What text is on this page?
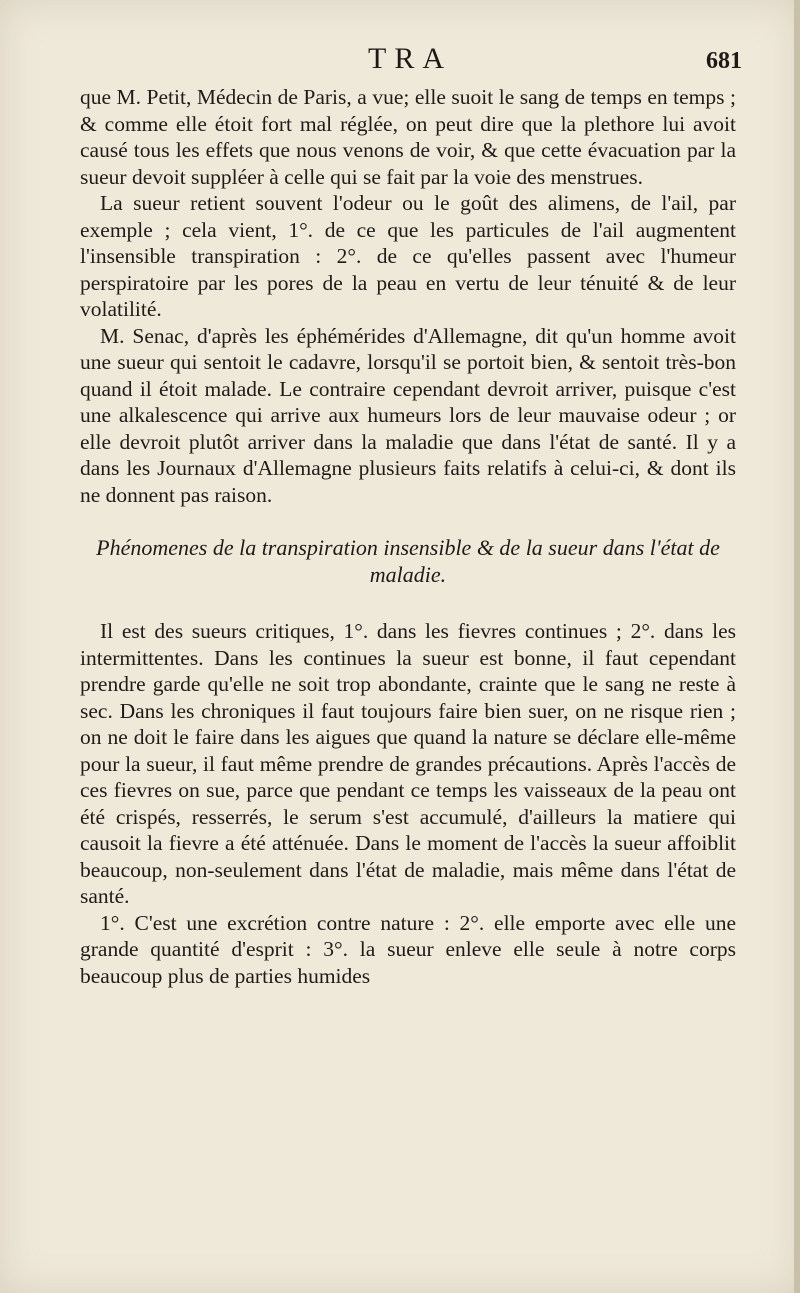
TRA	681

que M. Petit, Médecin de Paris, a vue; elle suoit le sang de temps en temps ; & comme elle étoit fort mal réglée, on peut dire que la plethore lui avoit causé tous les effets que nous venons de voir, & que cette évacuation par la sueur devoit suppléer à celle qui se fait par la voie des menstrues.

La sueur retient souvent l'odeur ou le goût des alimens, de l'ail, par exemple ; cela vient, 1°. de ce que les particules de l'ail augmentent l'insensible transpiration : 2°. de ce qu'elles passent avec l'humeur perspiratoire par les pores de la peau en vertu de leur ténuité & de leur volatilité.

M. Senac, d'après les éphémérides d'Allemagne, dit qu'un homme avoit une sueur qui sentoit le cadavre, lorsqu'il se portoit bien, & sentoit très-bon quand il étoit malade. Le contraire cependant devroit arriver, puisque c'est une alkalescence qui arrive aux humeurs lors de leur mauvaise odeur ; or elle devroit plutôt arriver dans la maladie que dans l'état de santé. Il y a dans les Journaux d'Allemagne plusieurs faits relatifs à celui-ci, & dont ils ne donnent pas raison.

Phénomenes de la transpiration insensible & de la sueur dans l'état de maladie.

Il est des sueurs critiques, 1°. dans les fievres continues ; 2°. dans les intermittentes. Dans les continues la sueur est bonne, il faut cependant prendre garde qu'elle ne soit trop abondante, crainte que le sang ne reste à sec. Dans les chroniques il faut toujours faire bien suer, on ne risque rien ; on ne doit le faire dans les aigues que quand la nature se déclare elle-même pour la sueur, il faut même prendre de grandes précautions. Après l'accès de ces fievres on sue, parce que pendant ce temps les vaisseaux de la peau ont été crispés, resserrés, le serum s'est accumulé, d'ailleurs la matiere qui causoit la fievre a été atténuée. Dans le moment de l'accès la sueur affoiblit beaucoup, non-seulement dans l'état de maladie, mais même dans l'état de santé.

1°. C'est une excrétion contre nature : 2°. elle emporte avec elle une grande quantité d'esprit : 3°. la sueur enleve elle seule à notre corps beaucoup plus de parties humides
